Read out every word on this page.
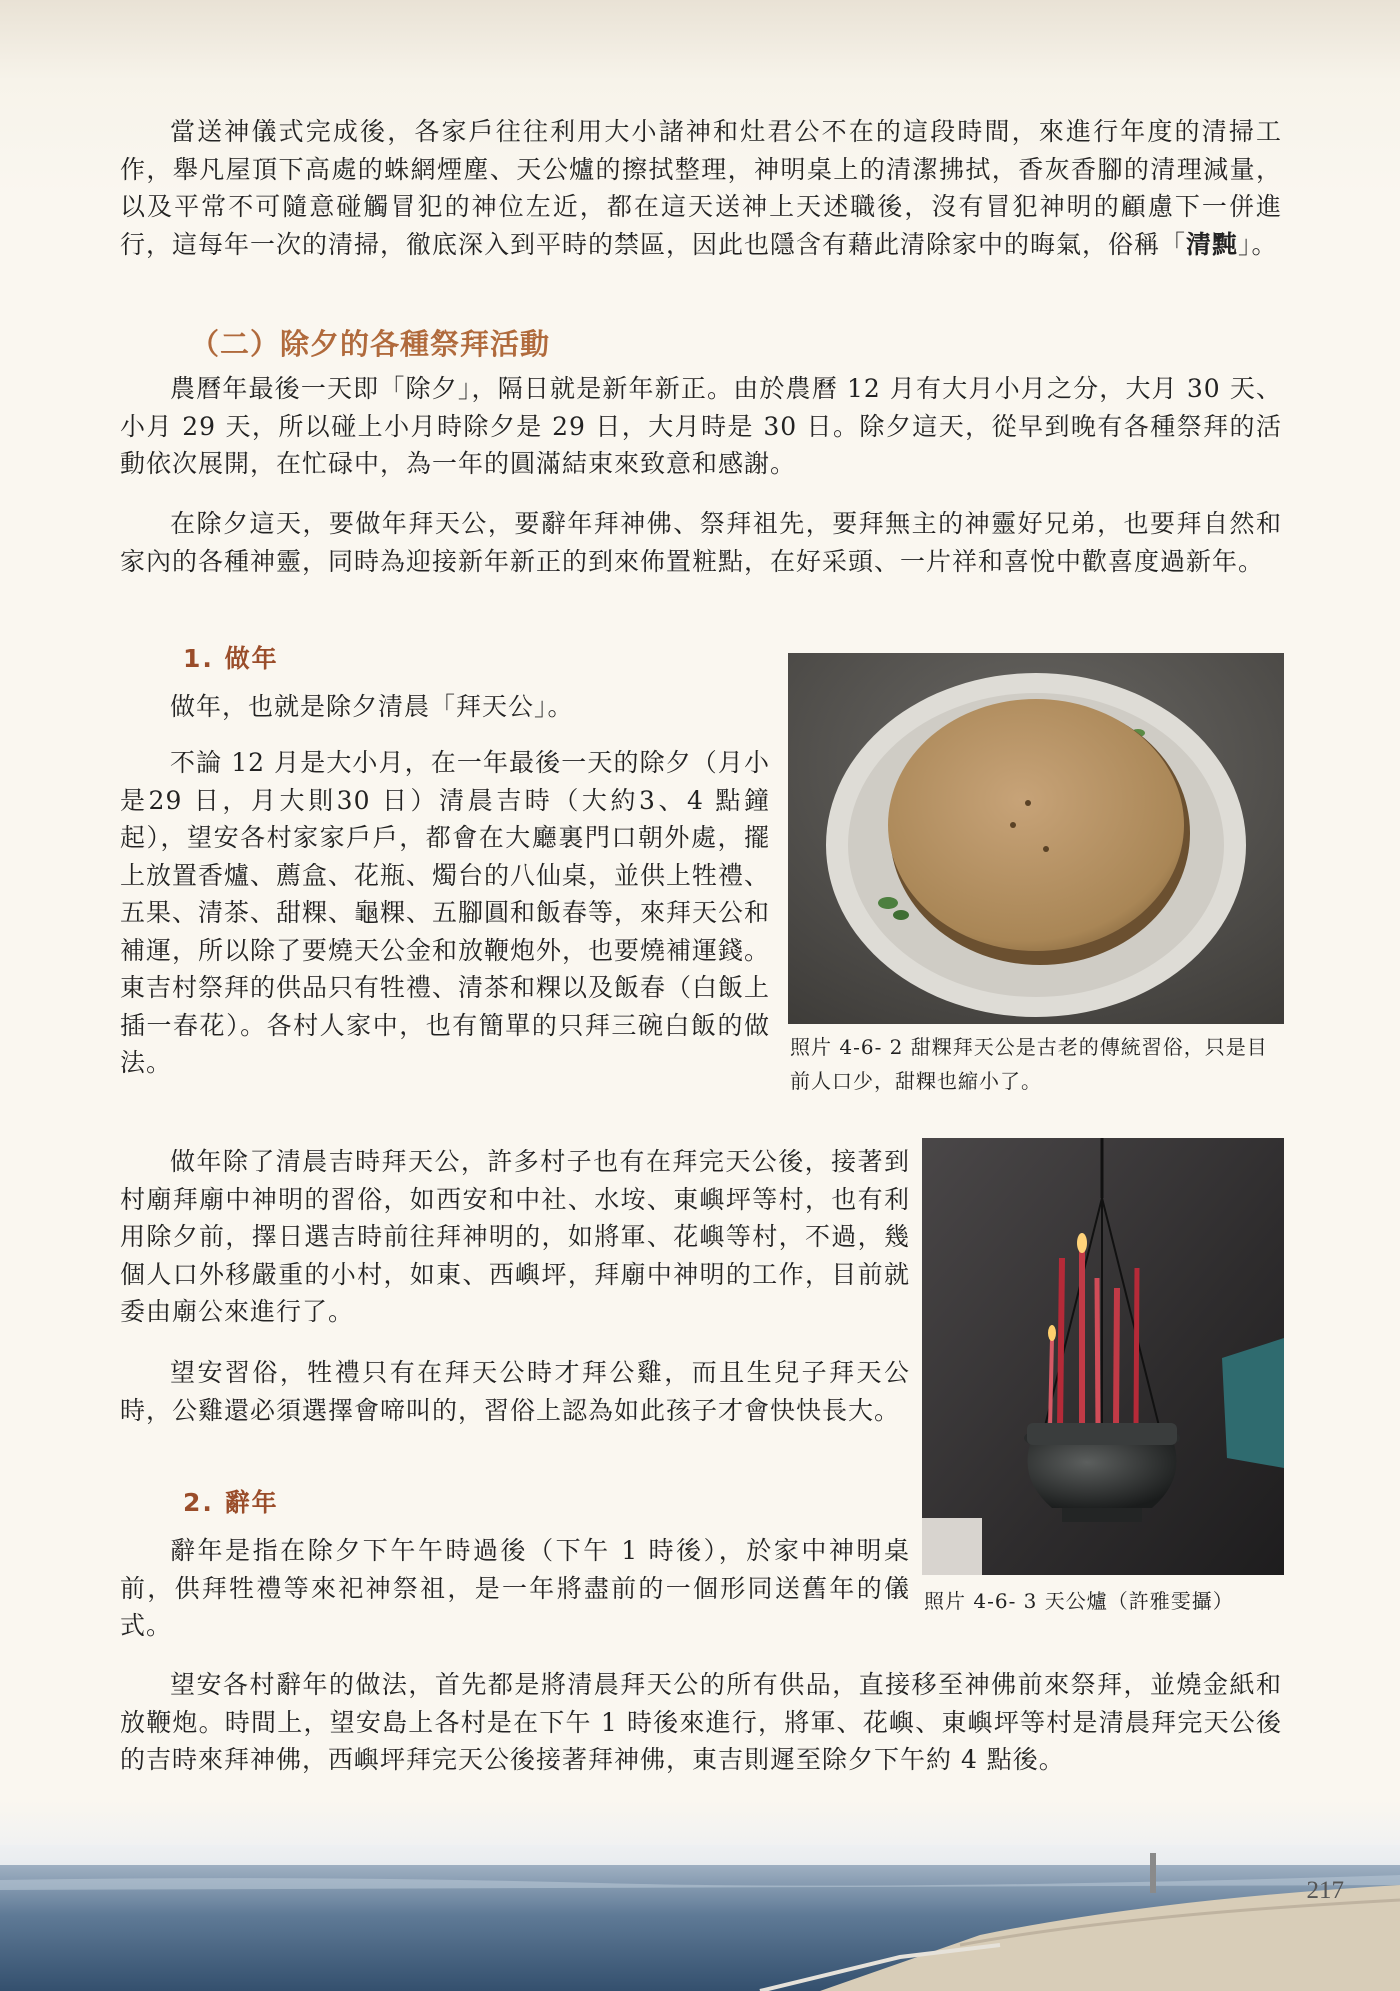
當送神儀式完成後，各家戶往往利用大小諸神和灶君公不在的這段時間，來進行年度的清掃工作，舉凡屋頂下高處的蛛網煙塵、天公爐的擦拭整理，神明桌上的清潔拂拭，香灰香腳的清理減量，以及平常不可隨意碰觸冒犯的神位左近，都在這天送神上天述職後，沒有冒犯神明的顧慮下一併進行，這每年一次的清掃，徹底深入到平時的禁區，因此也隱含有藉此清除家中的晦氣，俗稱「清黗」。

（二）除夕的各種祭拜活動

農曆年最後一天即「除夕」，隔日就是新年新正。由於農曆 12 月有大月小月之分，大月 30 天、小月 29 天，所以碰上小月時除夕是 29 日，大月時是 30 日。除夕這天，從早到晚有各種祭拜的活動依次展開，在忙碌中，為一年的圓滿結束來致意和感謝。

在除夕這天，要做年拜天公，要辭年拜神佛、祭拜祖先，要拜無主的神靈好兄弟，也要拜自然和家內的各種神靈，同時為迎接新年新正的到來佈置粧點，在好采頭、一片祥和喜悅中歡喜度過新年。

1. 做年

做年，也就是除夕清晨「拜天公」。

不論 12 月是大小月，在一年最後一天的除夕（月小是29 日，月大則30 日）清晨吉時（大約3、4 點鐘起），望安各村家家戶戶，都會在大廳裏門口朝外處，擺上放置香爐、薦盒、花瓶、燭台的八仙桌，並供上牲禮、五果、清茶、甜粿、龜粿、五腳圓和飯春等，來拜天公和補運，所以除了要燒天公金和放鞭炮外，也要燒補運錢。東吉村祭拜的供品只有牲禮、清茶和粿以及飯春（白飯上插一春花）。各村人家中，也有簡單的只拜三碗白飯的做法。

照片 4-6- 2 甜粿拜天公是古老的傳統習俗，只是目前人口少，甜粿也縮小了。

做年除了清晨吉時拜天公，許多村子也有在拜完天公後，接著到村廟拜廟中神明的習俗，如西安和中社、水垵、東嶼坪等村，也有利用除夕前，擇日選吉時前往拜神明的，如將軍、花嶼等村，不過，幾個人口外移嚴重的小村，如東、西嶼坪，拜廟中神明的工作，目前就委由廟公來進行了。

望安習俗，牲禮只有在拜天公時才拜公雞，而且生兒子拜天公時，公雞還必須選擇會啼叫的，習俗上認為如此孩子才會快快長大。

2. 辭年

辭年是指在除夕下午午時過後（下午 1 時後），於家中神明桌前，供拜牲禮等來祀神祭祖，是一年將盡前的一個形同送舊年的儀式。

照片 4-6- 3 天公爐（許雅雯攝）

望安各村辭年的做法，首先都是將清晨拜天公的所有供品，直接移至神佛前來祭拜，並燒金紙和放鞭炮。時間上，望安島上各村是在下午 1 時後來進行，將軍、花嶼、東嶼坪等村是清晨拜完天公後的吉時來拜神佛，西嶼坪拜完天公後接著拜神佛，東吉則遲至除夕下午約 4 點後。

217
